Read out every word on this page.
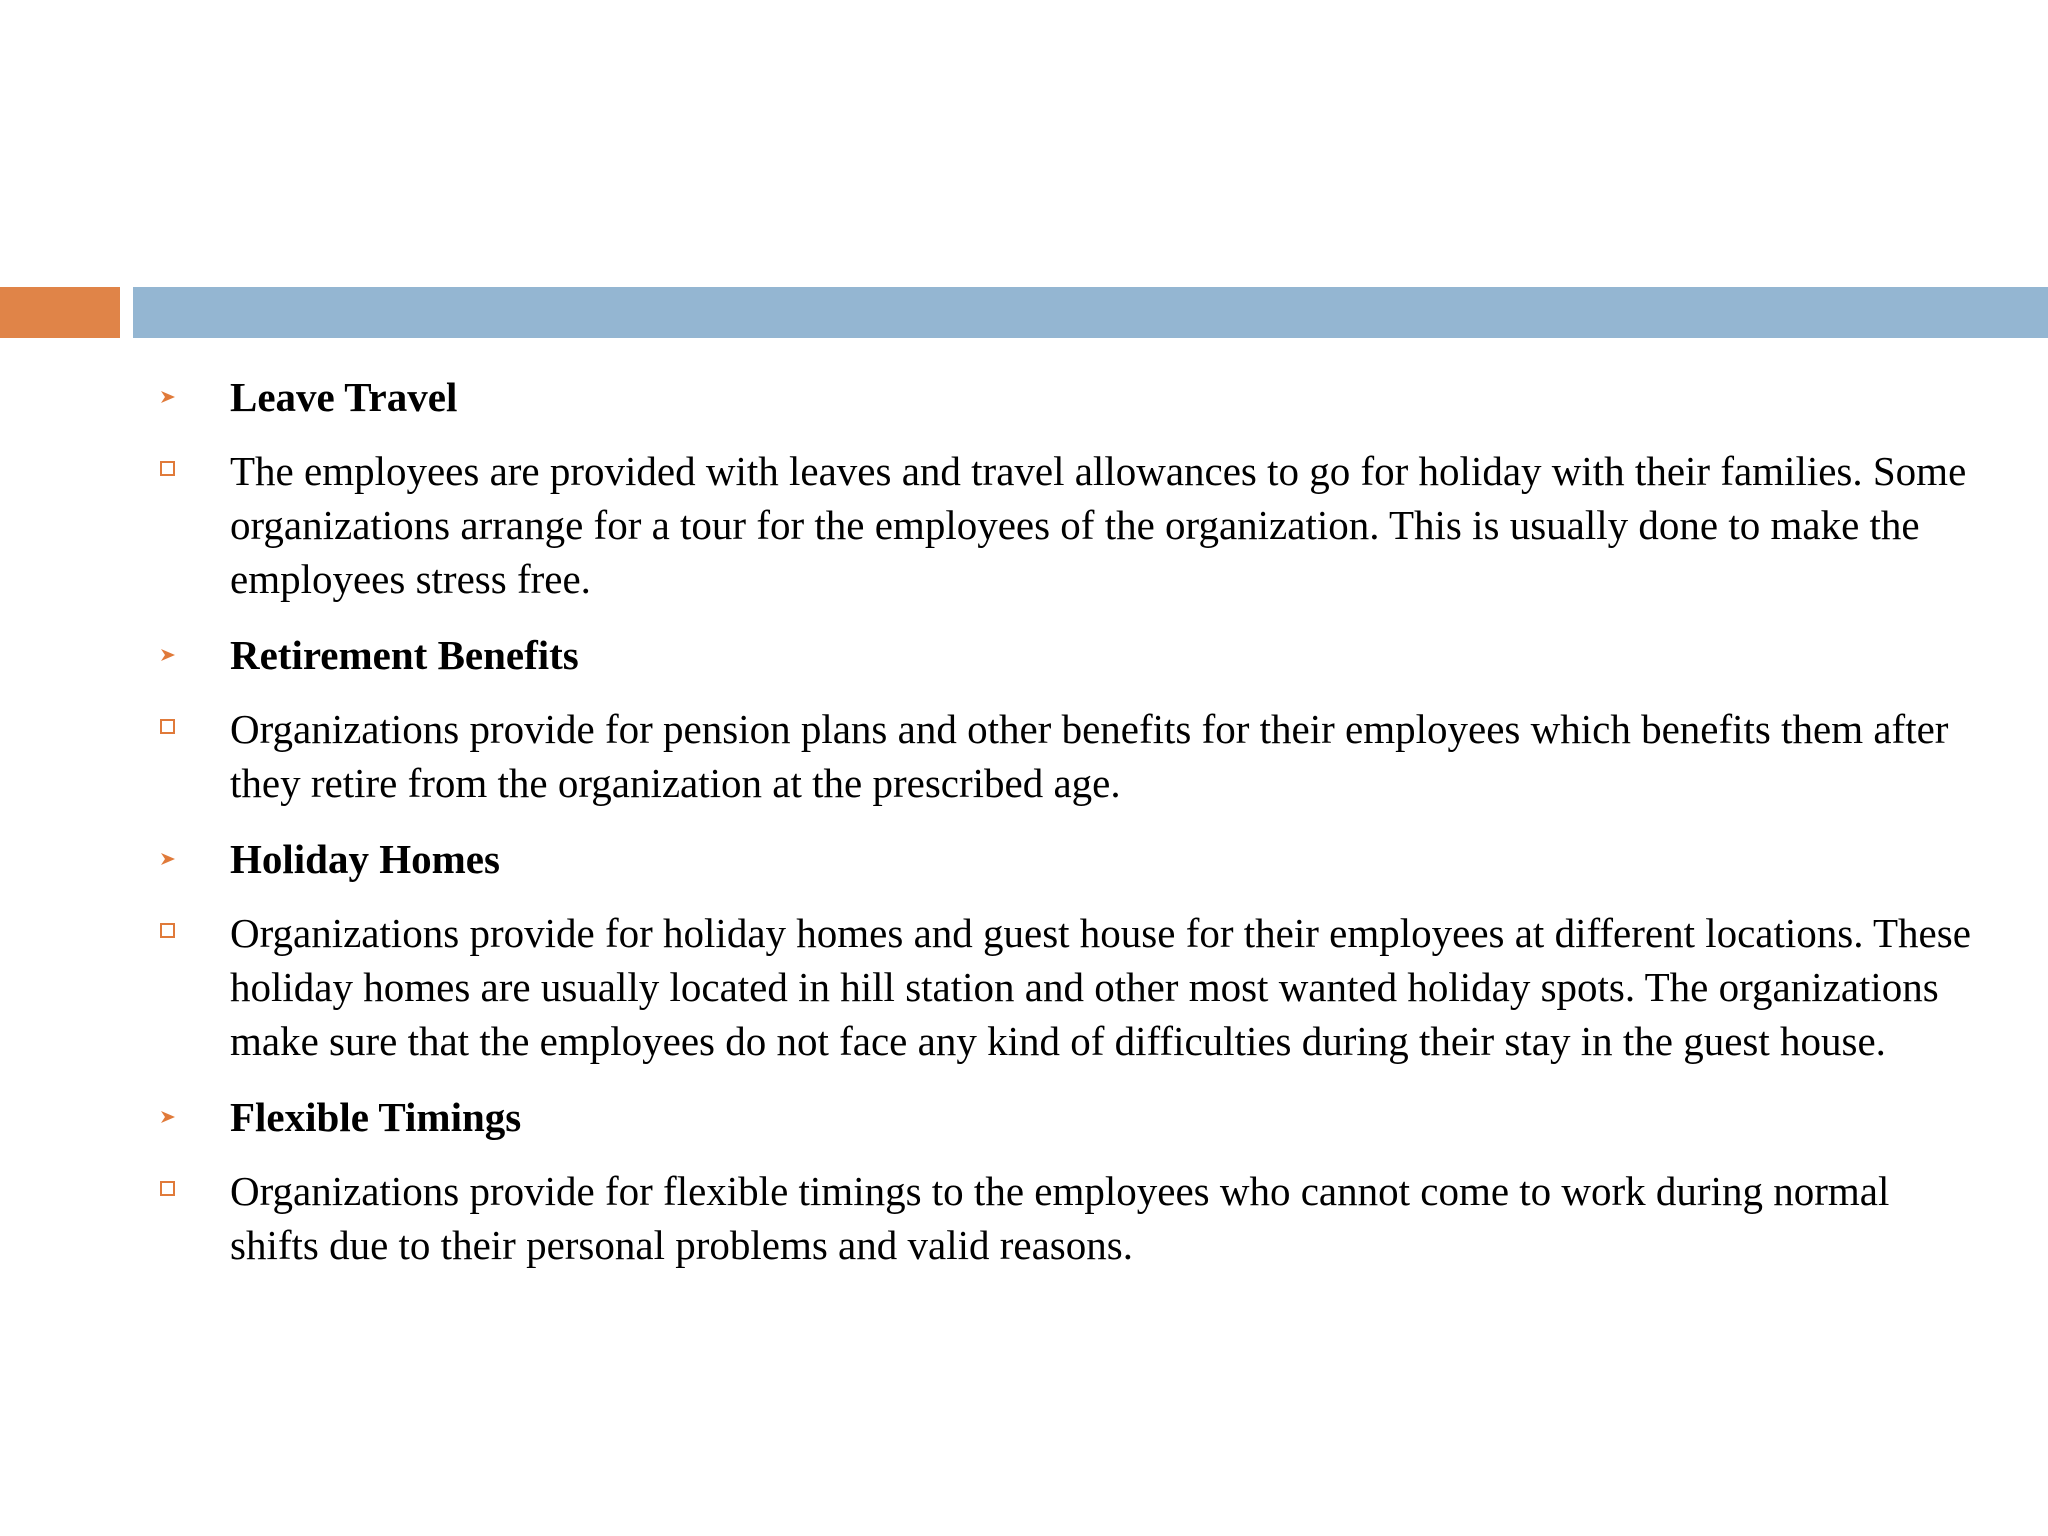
Leave Travel
The employees are provided with leaves and travel allowances to go for holiday with their families. Some organizations arrange for a tour for the employees of the organization. This is usually done to make the employees stress free.
Retirement Benefits
Organizations provide for pension plans and other benefits for their employees which benefits them after they retire from the organization at the prescribed age.
Holiday Homes
Organizations provide for holiday homes and guest house for their employees at different locations. These holiday homes are usually located in hill station and other most wanted holiday spots. The organizations make sure that the employees do not face any kind of difficulties during their stay in the guest house.
Flexible Timings
Organizations provide for flexible timings to the employees who cannot come to work during normal shifts due to their personal problems and valid reasons.
